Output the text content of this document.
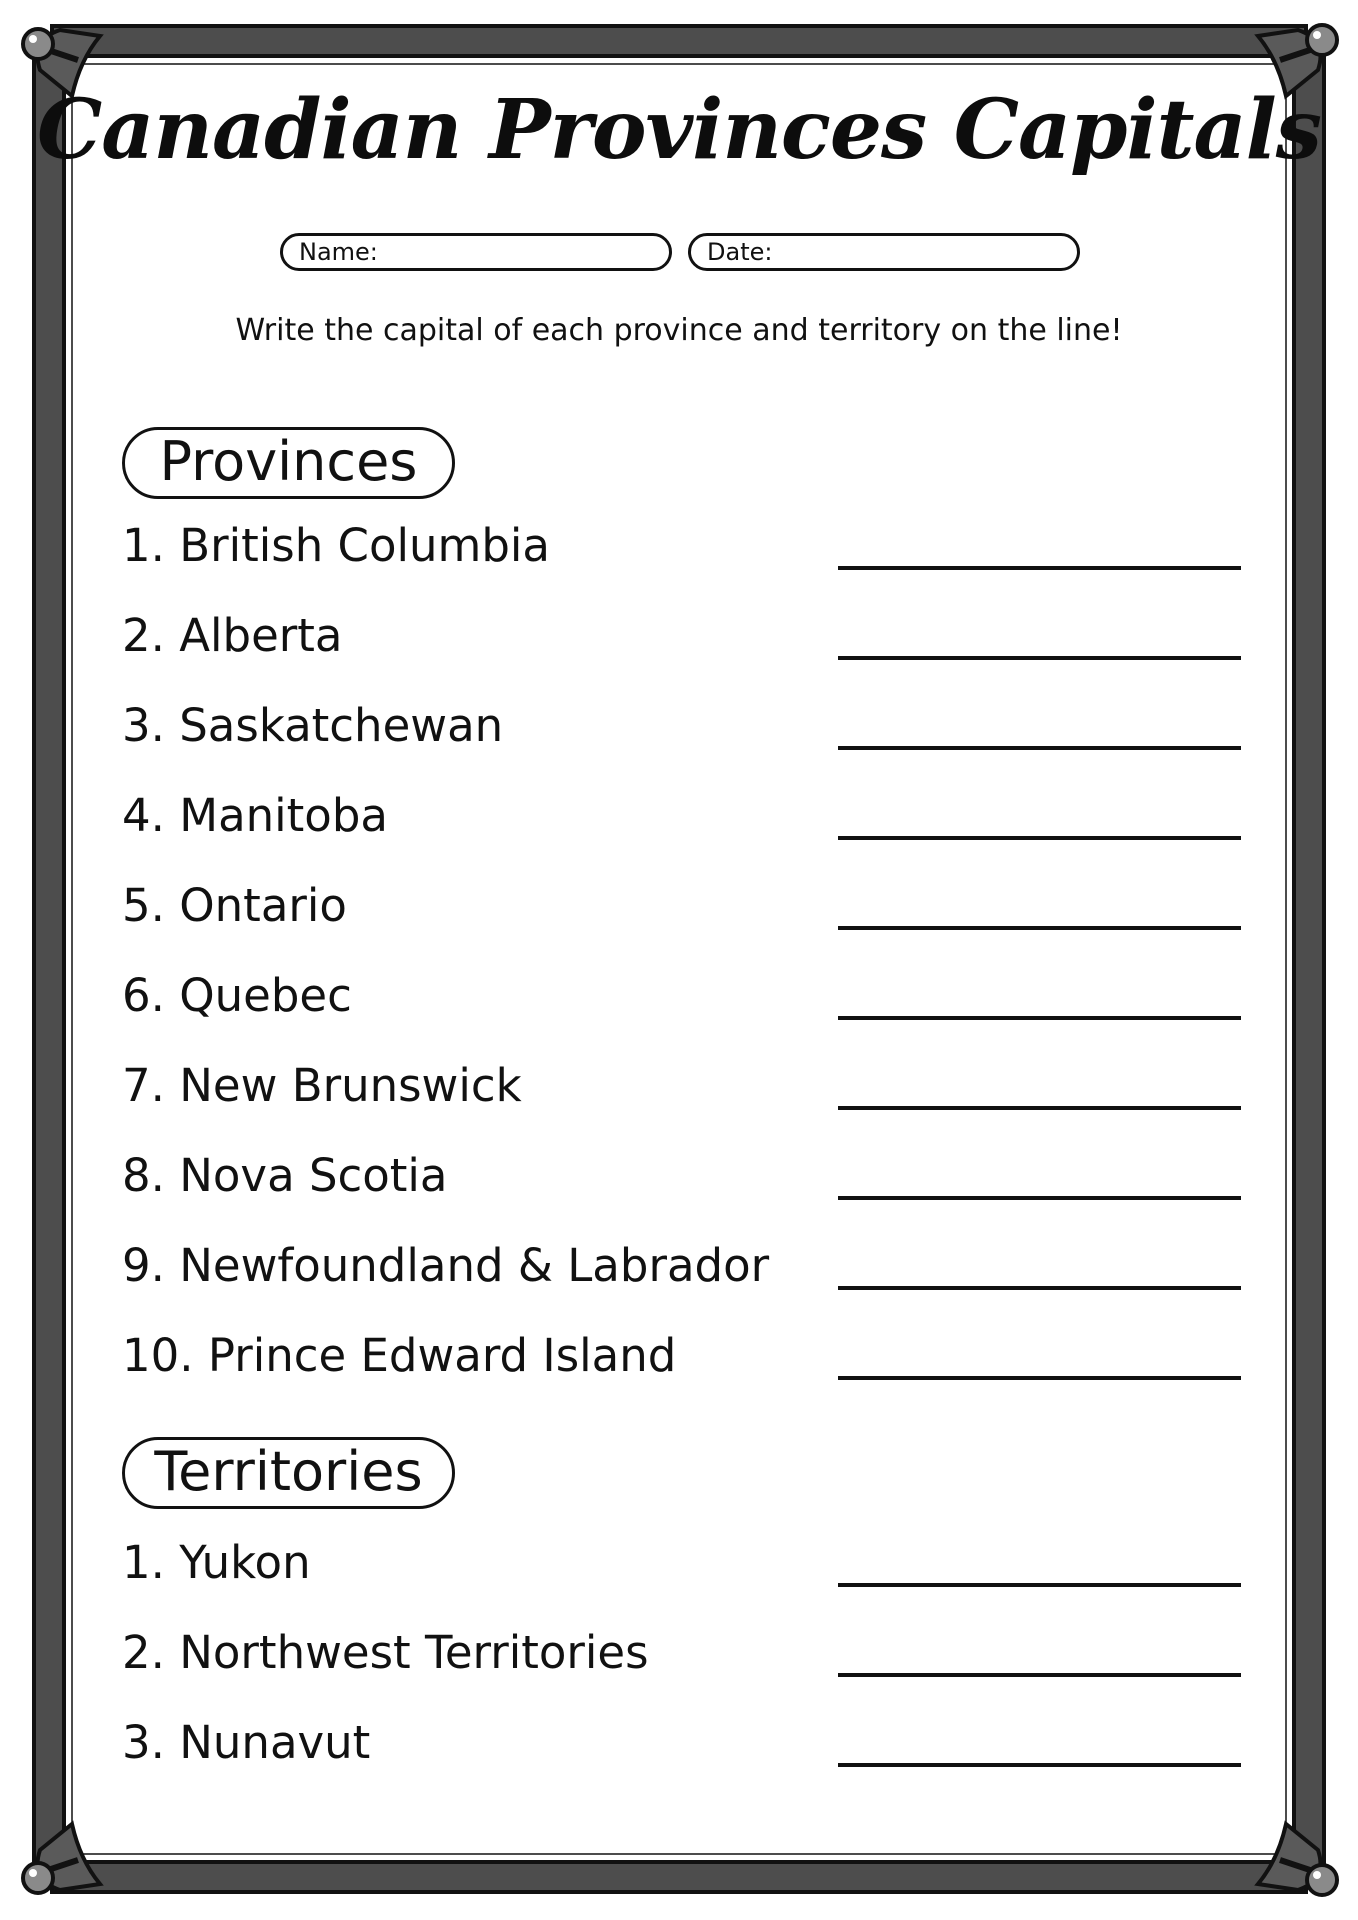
Canadian Provinces Capitals
Name:	Date:
Write the capital of each province and territory on the line!
Provinces
1. British Columbia
2. Alberta
3. Saskatchewan
4. Manitoba
5. Ontario
6. Quebec
7. New Brunswick
8. Nova Scotia
9. Newfoundland & Labrador
10. Prince Edward Island
Territories
1. Yukon
2. Northwest Territories
3. Nunavut
